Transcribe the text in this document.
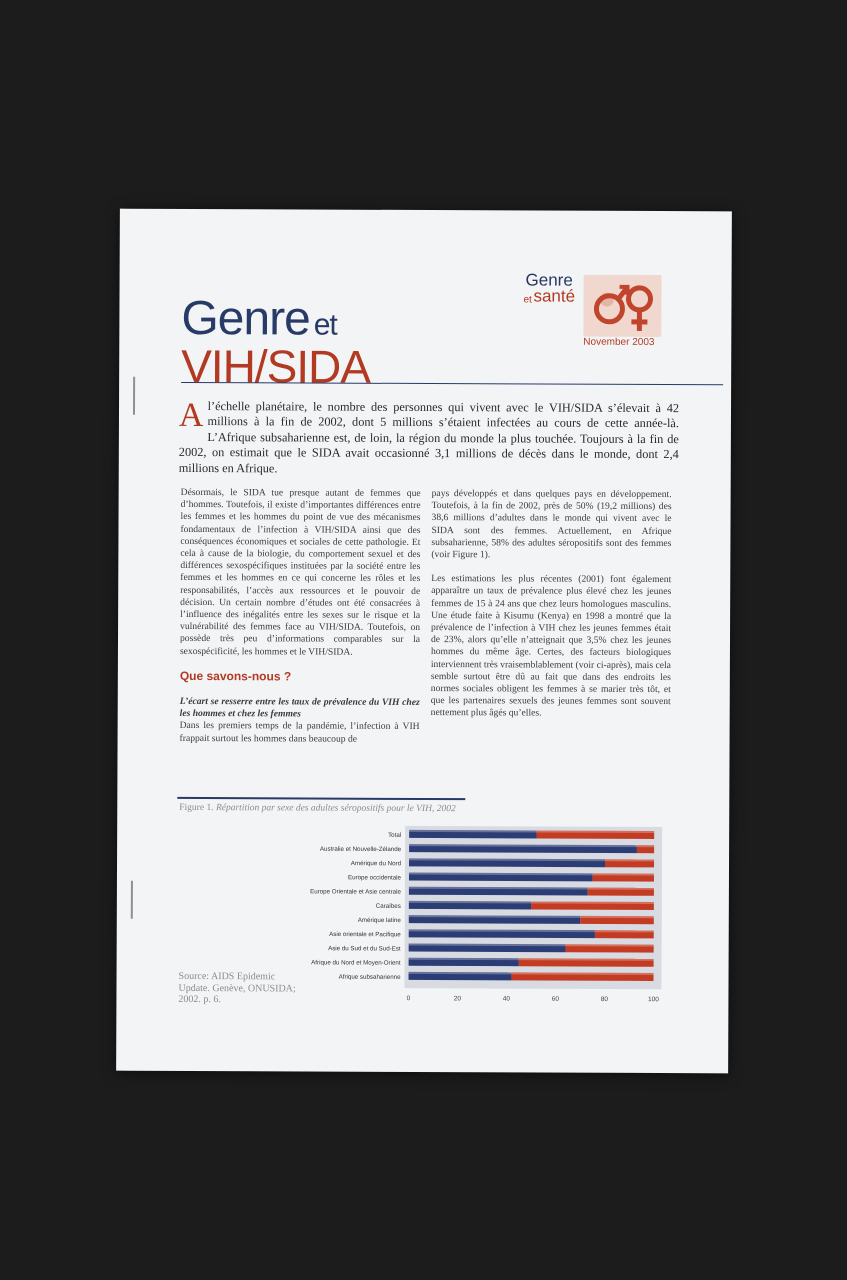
Genre
et santé
November 2003
Genre et
VIH/SIDA
Al’échelle planétaire, le nombre des personnes qui vivent avec le VIH/SIDA s’élevait à 42 millions à la fin de 2002, dont 5 millions s’étaient infectées au cours de cette année-là. L’Afrique subsaharienne est, de loin, la région du monde la plus touchée. Toujours à la fin de 2002, on estimait que le SIDA avait occasionné 3,1 millions de décès dans le monde, dont 2,4 millions en Afrique.

Désormais, le SIDA tue presque autant de femmes que d’hommes. Toutefois, il existe d’importantes différences entre les femmes et les hommes du point de vue des mécanismes fondamentaux de l’infection à VIH/SIDA ainsi que des conséquences économiques et sociales de cette pathologie. Et cela à cause de la biologie, du comportement sexuel et des différences sexospécifiques instituées par la société entre les femmes et les hommes en ce qui concerne les rôles et les responsabilités, l’accès aux ressources et le pouvoir de décision. Un certain nombre d’études ont été consacrées à l’influence des inégalités entre les sexes sur le risque et la vulnérabilité des femmes face au VIH/SIDA. Toutefois, on possède très peu d’informations comparables sur la sexospécificité, les hommes et le VIH/SIDA.

Que savons-nous ?
L’écart se resserre entre les taux de prévalence du VIH chez les hommes et chez les femmes
Dans les premiers temps de la pandémie, l’infection à VIH frappait surtout les hommes dans beaucoup de

pays développés et dans quelques pays en développement. Toutefois, à la fin de 2002, près de 50% (19,2 millions) des 38,6 millions d’adultes dans le monde qui vivent avec le SIDA sont des femmes. Actuellement, en Afrique subsaharienne, 58% des adultes séropositifs sont des femmes (voir Figure 1).

Les estimations les plus récentes (2001) font également apparaître un taux de prévalence plus élevé chez les jeunes femmes de 15 à 24 ans que chez leurs homologues masculins. Une étude faite à Kisumu (Kenya) en 1998 a montré que la prévalence de l’infection à VIH chez les jeunes femmes était de 23%, alors qu’elle n’atteignait que 3,5% chez les jeunes hommes du même âge. Certes, des facteurs biologiques interviennent très vraisemblablement (voir ci-après), mais cela semble surtout être dû au fait que dans des endroits les normes sociales obligent les femmes à se marier très tôt, et que les partenaires sexuels des jeunes femmes sont souvent nettement plus âgés qu’elles.

Figure 1. Répartition par sexe des adultes séropositifs pour le VIH, 2002
Source: AIDS Epidemic Update. Genève, ONUSIDA; 2002. p. 6.
Total
Australie et Nouvelle-Zélande
Amérique du Nord
Europe occidentale
Europe Orientale et Asie centrale
Caraïbes
Amérique latine
Asie orientale et Pacifique
Asie du Sud et du Sud-Est
Afrique du Nord et Moyen-Orient
Afrique subsaharienne
0	20	40	60	80	100
